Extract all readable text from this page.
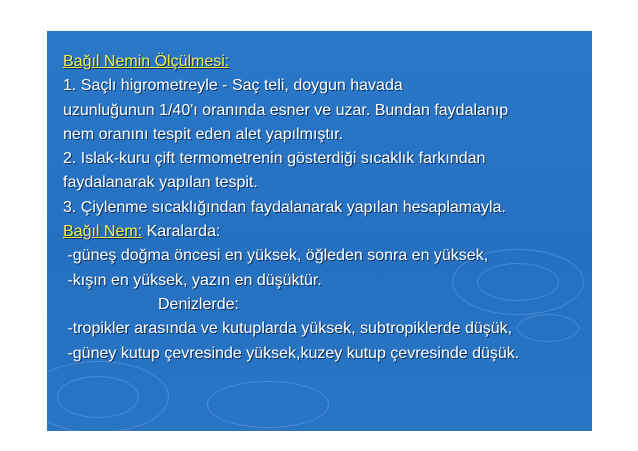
Bağıl Nemin Ölçülmesi:
1. Saçlı higrometreyle - Saç teli, doygun havada
uzunluğunun 1/40'ı oranında esner ve uzar. Bundan faydalanıp
nem oranını tespit eden alet yapılmıştır.
2. Islak-kuru çift termometrenin gösterdiği sıcaklık farkından
faydalanarak yapılan tespit.
3. Çiylenme sıcaklığından faydalanarak yapılan hesaplamayla.
Bağıl Nem: Karalarda:
-güneş doğma öncesi en yüksek, öğleden sonra en yüksek,
-kışın en yüksek, yazın en düşüktür.
Denizlerde:
-tropikler arasında ve kutuplarda yüksek, subtropiklerde düşük,
-güney kutup çevresinde yüksek,kuzey kutup çevresinde düşük.
